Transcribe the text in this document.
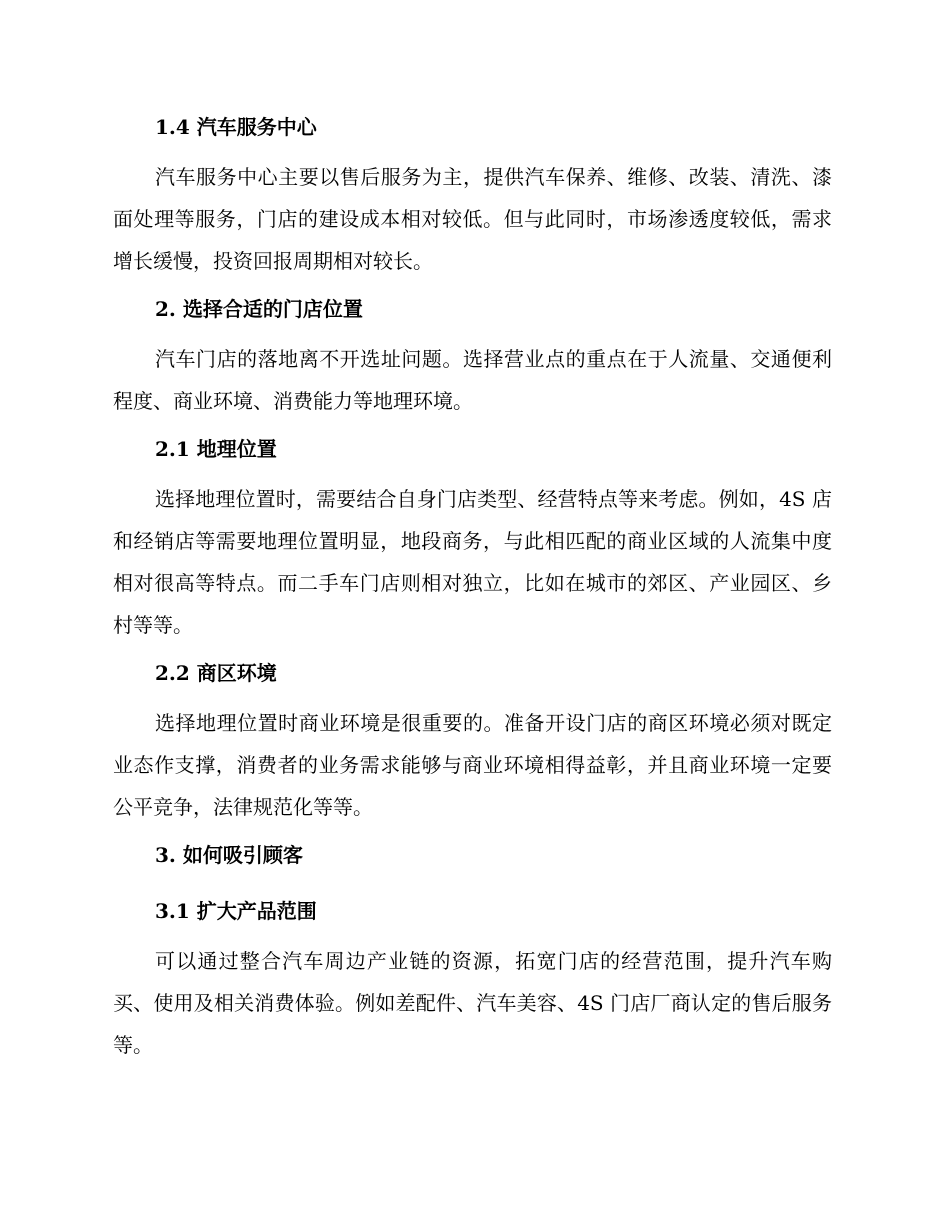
1.4 汽车服务中心

汽车服务中心主要以售后服务为主，提供汽车保养、维修、改装、清洗、漆面处理等服务，门店的建设成本相对较低。但与此同时，市场渗透度较低，需求增长缓慢，投资回报周期相对较长。

2. 选择合适的门店位置

汽车门店的落地离不开选址问题。选择营业点的重点在于人流量、交通便利程度、商业环境、消费能力等地理环境。

2.1 地理位置

选择地理位置时，需要结合自身门店类型、经营特点等来考虑。例如，4S 店和经销店等需要地理位置明显，地段商务，与此相匹配的商业区域的人流集中度相对很高等特点。而二手车门店则相对独立，比如在城市的郊区、产业园区、乡村等等。

2.2 商区环境

选择地理位置时商业环境是很重要的。准备开设门店的商区环境必须对既定业态作支撑，消费者的业务需求能够与商业环境相得益彰，并且商业环境一定要公平竞争，法律规范化等等。

3. 如何吸引顾客
3.1 扩大产品范围

可以通过整合汽车周边产业链的资源，拓宽门店的经营范围，提升汽车购买、使用及相关消费体验。例如差配件、汽车美容、4S 门店厂商认定的售后服务等。
